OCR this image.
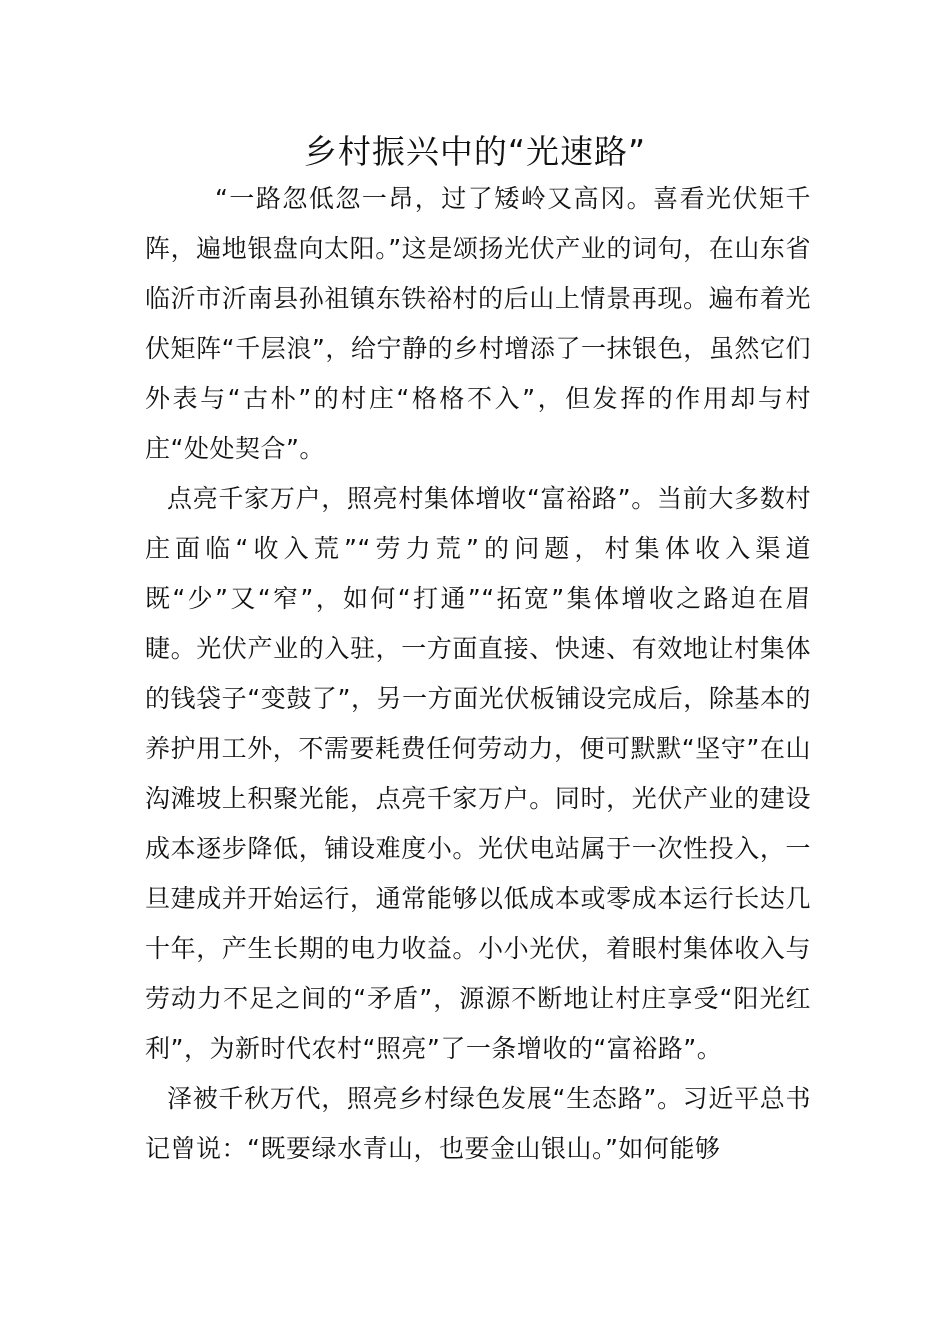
乡村振兴中的“光速路”

“一路忽低忽一昂，过了矮岭又高冈。喜看光伏矩千阵，遍地银盘向太阳。”这是颂扬光伏产业的词句，在山东省临沂市沂南县孙祖镇东铁裕村的后山上情景再现。遍布着光伏矩阵“千层浪”，给宁静的乡村增添了一抹银色，虽然它们外表与“古朴”的村庄“格格不入”，但发挥的作用却与村庄“处处契合”。

点亮千家万户，照亮村集体增收“富裕路”。当前大多数村庄面临“收入荒”“劳力荒”的问题，村集体收入渠道既“少”又“窄”，如何“打通”“拓宽”集体增收之路迫在眉睫。光伏产业的入驻，一方面直接、快速、有效地让村集体的钱袋子“变鼓了”，另一方面光伏板铺设完成后，除基本的养护用工外，不需要耗费任何劳动力，便可默默“坚守”在山沟滩坡上积聚光能，点亮千家万户。同时，光伏产业的建设成本逐步降低，铺设难度小。光伏电站属于一次性投入，一旦建成并开始运行，通常能够以低成本或零成本运行长达几十年，产生长期的电力收益。小小光伏，着眼村集体收入与劳动力不足之间的“矛盾”，源源不断地让村庄享受“阳光红利”，为新时代农村“照亮”了一条增收的“富裕路”。

泽被千秋万代，照亮乡村绿色发展“生态路”。习近平总书记曾说：“既要绿水青山，也要金山银山。”如何能够
